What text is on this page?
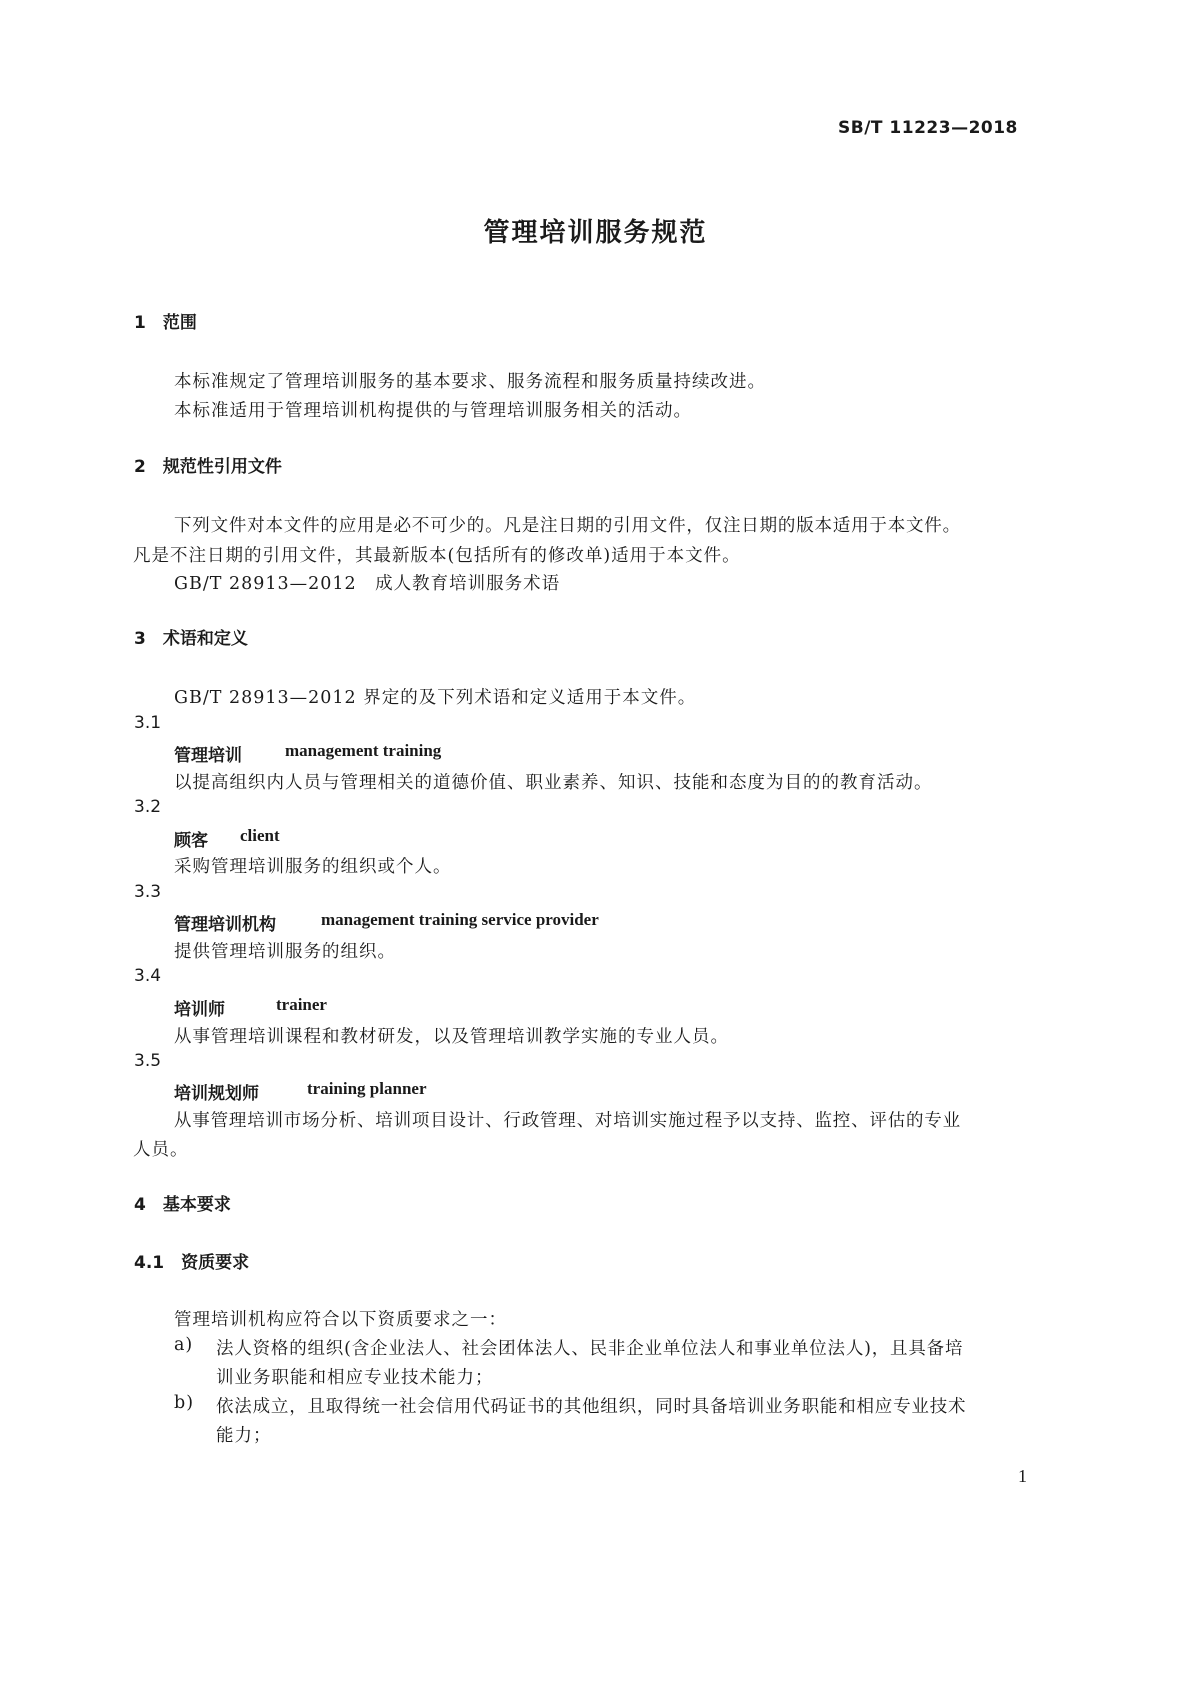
SB/T 11223—2018
管理培训服务规范
1　范围
本标准规定了管理培训服务的基本要求、服务流程和服务质量持续改进。
本标准适用于管理培训机构提供的与管理培训服务相关的活动。
2　规范性引用文件
下列文件对本文件的应用是必不可少的。凡是注日期的引用文件，仅注日期的版本适用于本文件。
凡是不注日期的引用文件，其最新版本(包括所有的修改单)适用于本文件。
GB/T 28913—2012　成人教育培训服务术语
3　术语和定义
GB/T 28913—2012 界定的及下列术语和定义适用于本文件。
3.1
管理培训	management training
以提高组织内人员与管理相关的道德价值、职业素养、知识、技能和态度为目的的教育活动。
3.2
顾客 client
采购管理培训服务的组织或个人。
3.3
管理培训机构	management training service provider
提供管理培训服务的组织。
3.4
培训师	trainer
从事管理培训课程和教材研发，以及管理培训教学实施的专业人员。
3.5
培训规划师	training planner
从事管理培训市场分析、培训项目设计、行政管理、对培训实施过程予以支持、监控、评估的专业
人员。
4　基本要求
4.1　资质要求
管理培训机构应符合以下资质要求之一：
a) 法人资格的组织(含企业法人、社会团体法人、民非企业单位法人和事业单位法人)，且具备培
训业务职能和相应专业技术能力；
b) 依法成立，且取得统一社会信用代码证书的其他组织，同时具备培训业务职能和相应专业技术
能力；
1
